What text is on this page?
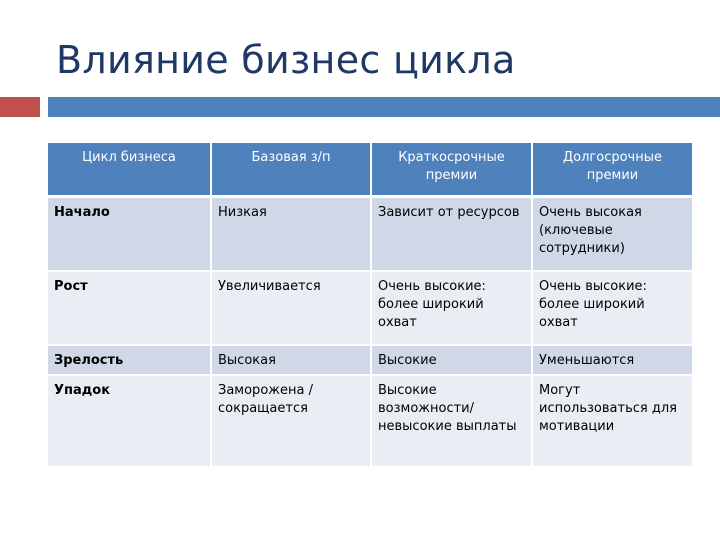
Влияние бизнес цикла
Цикл бизнеса	Базовая з/п	Краткосрочные премии	Долгосрочные премии
Начало	Низкая	Зависит от ресурсов	Очень высокая (ключевые сотрудники)
Рост	Увеличивается	Очень высокие: более широкий охват	Очень высокие: более широкий охват
Зрелость	Высокая	Высокие	Уменьшаются
Упадок	Заморожена /сокращается	Высокие возможности/ невысокие выплаты	Могут использоваться для мотивации
